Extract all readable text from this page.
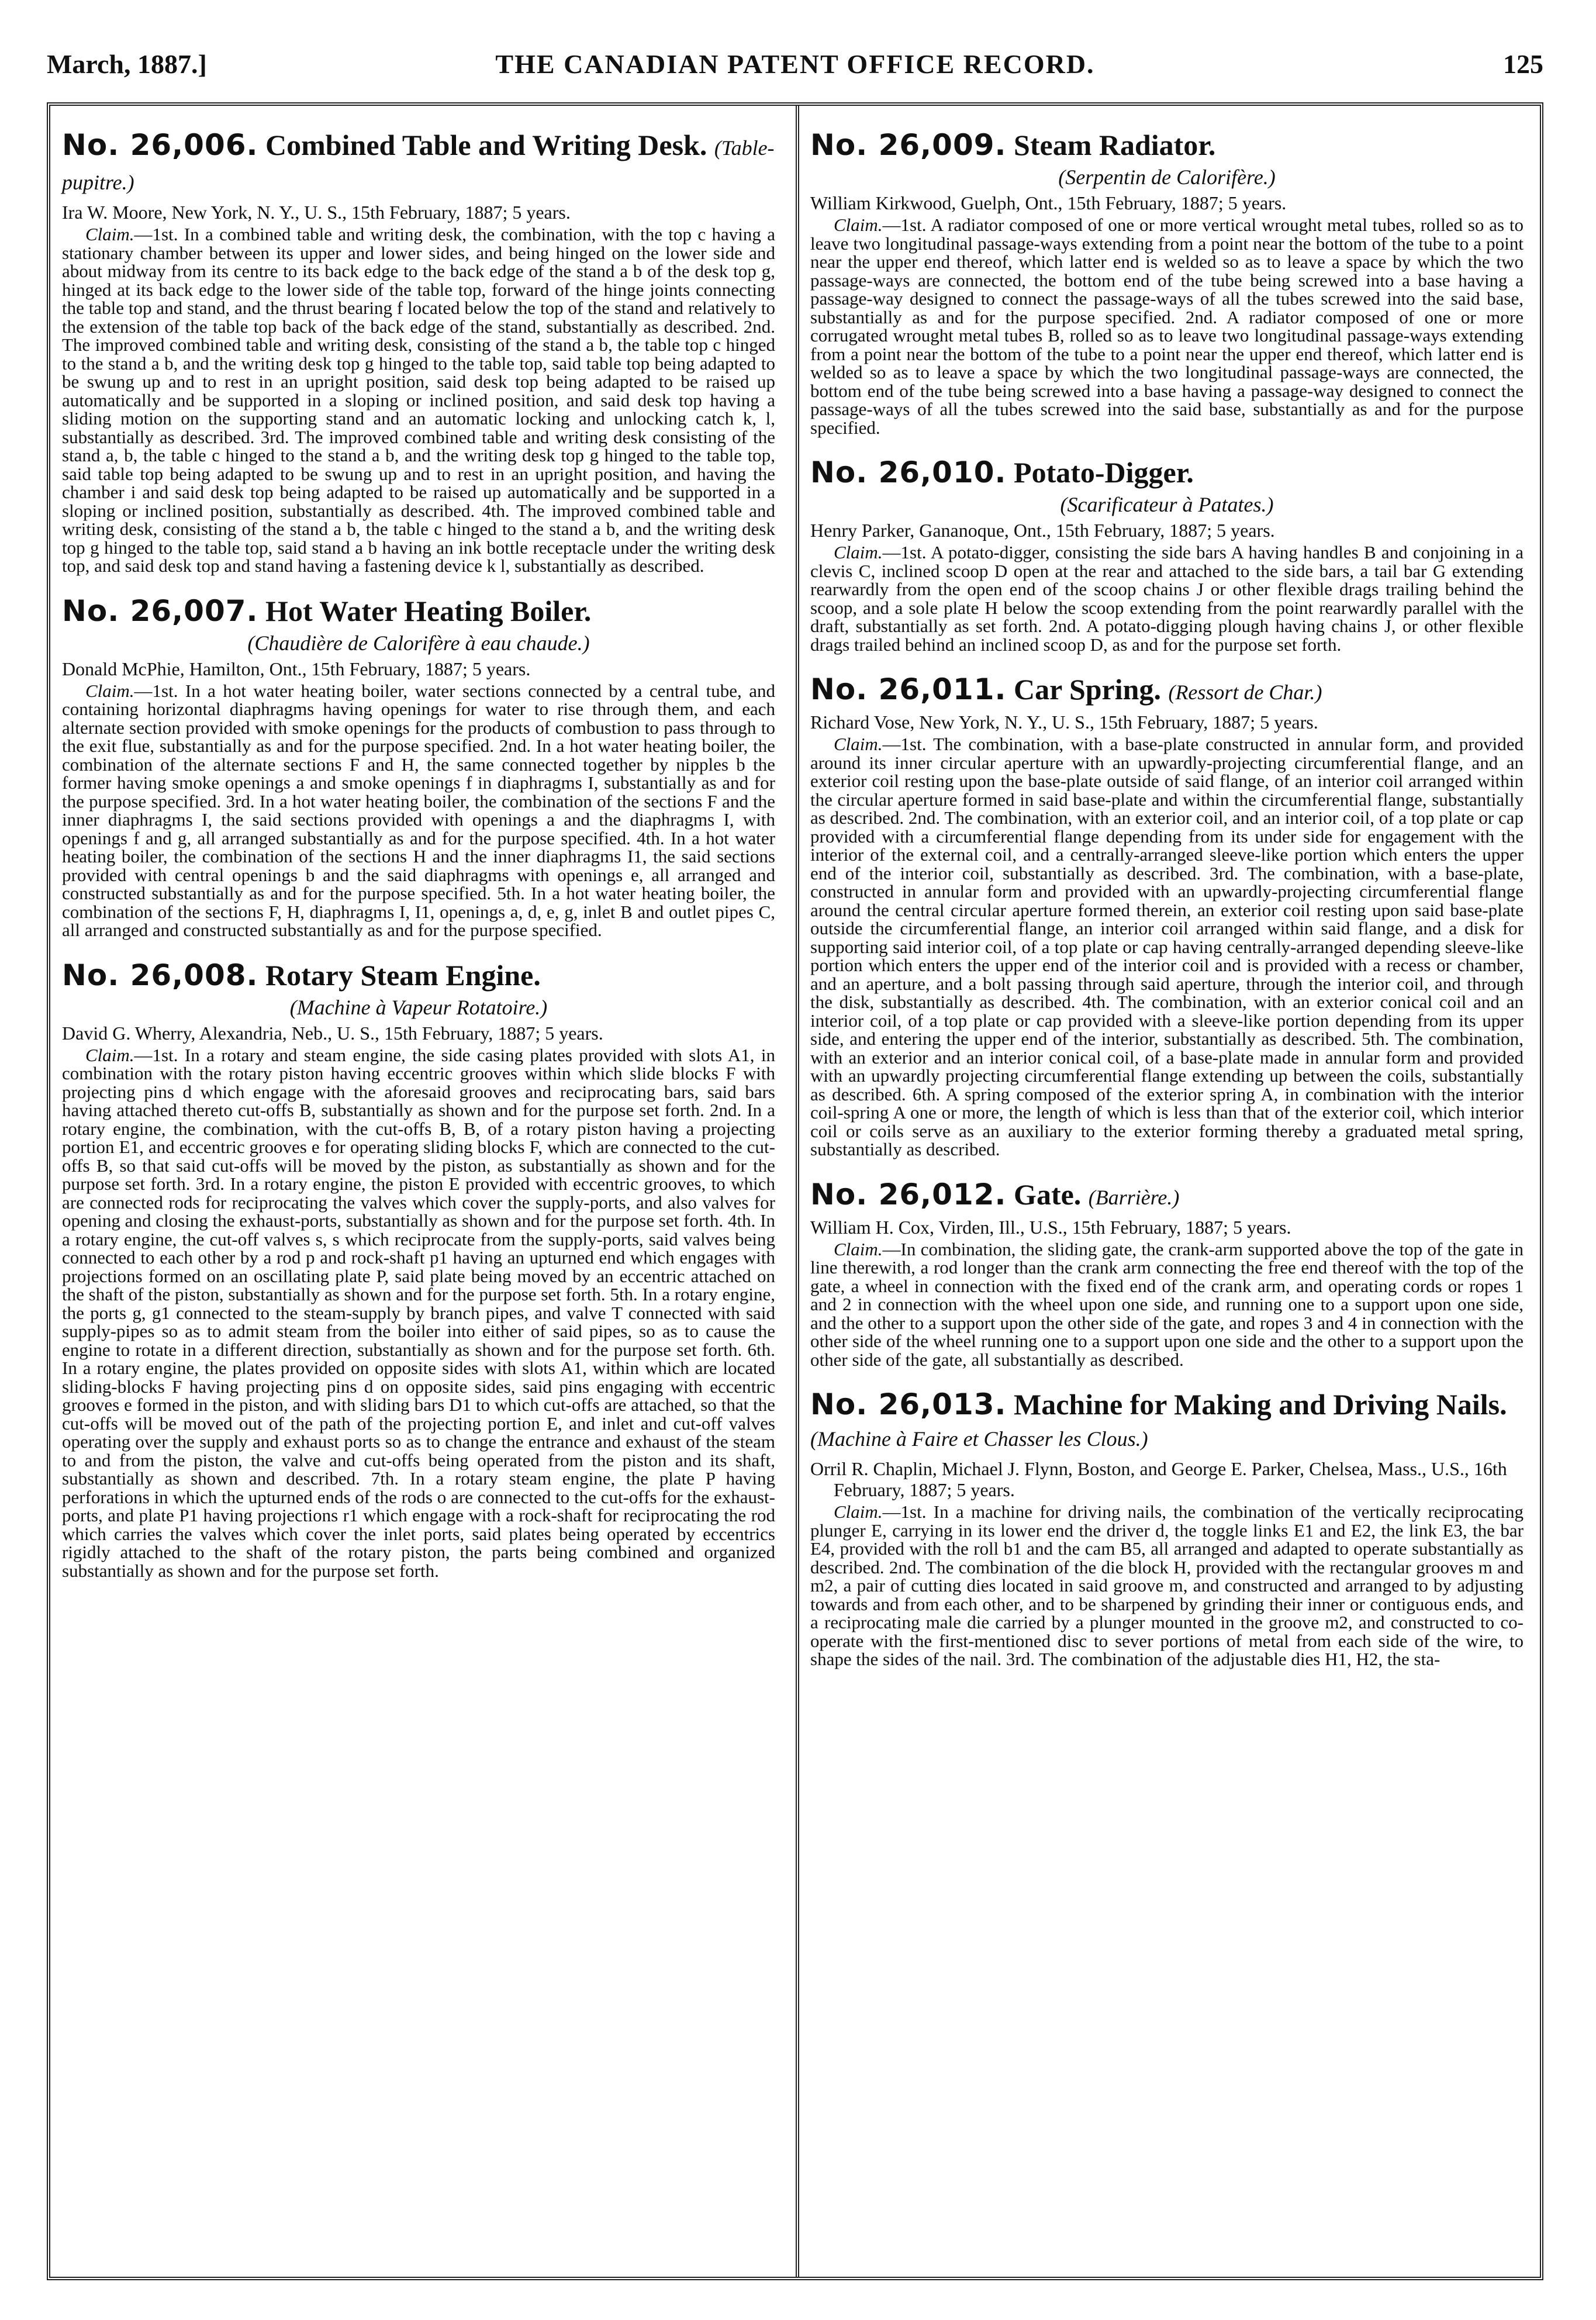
THE CANADIAN PATENT OFFICE RECORD.
March, 1887.]	125
No. 26,006. Combined Table and Writing Desk. (Table-pupitre.)

Ira W. Moore, New York, N. Y., U. S., 15th February, 1887; 5 years.

Claim.—1st. In a combined table and writing desk, the combination, with the top c having a stationary chamber between its upper and lower sides, and being hinged on the lower side and about midway from its centre to its back edge to the back edge of the stand a b of the desk top g, hinged at its back edge to the lower side of the table top, forward of the hinge joints connecting the table top and stand, and the thrust bearing f located below the top of the stand and relatively to the extension of the table top back of the back edge of the stand, substantially as described. 2nd. The improved combined table and writing desk, consisting of the stand a b, the table top c hinged to the stand a b, and the writing desk top g hinged to the table top, said table top being adapted to be swung up and to rest in an upright position, said desk top being adapted to be raised up automatically and be supported in a sloping or inclined position, and said desk top having a sliding motion on the supporting stand and an automatic locking and unlocking catch k, l, substantially as described. 3rd. The improved combined table and writing desk consisting of the stand a, b, the table c hinged to the stand a b, and the writing desk top g hinged to the table top, said table top being adapted to be swung up and to rest in an upright position, and having the chamber i and said desk top being adapted to be raised up automatically and be supported in a sloping or inclined position, substantially as described. 4th. The improved combined table and writing desk, consisting of the stand a b, the table c hinged to the stand a b, and the writing desk top g hinged to the table top, said stand a b having an ink bottle receptacle under the writing desk top, and said desk top and stand having a fastening device k l, substantially as described.

No. 26,007. Hot Water Heating Boiler.

(Chaudière de Calorifère à eau chaude.)

Donald McPhie, Hamilton, Ont., 15th February, 1887; 5 years.

Claim.—1st. In a hot water heating boiler, water sections connected by a central tube, and containing horizontal diaphragms having openings for water to rise through them, and each alternate section provided with smoke openings for the products of combustion to pass through to the exit flue, substantially as and for the purpose specified. 2nd. In a hot water heating boiler, the combination of the alternate sections F and H, the same connected together by nipples b the former having smoke openings a and smoke openings f in diaphragms I, substantially as and for the purpose specified. 3rd. In a hot water heating boiler, the combination of the sections F and the inner diaphragms I, the said sections provided with openings a and the diaphragms I, with openings f and g, all arranged substantially as and for the purpose specified. 4th. In a hot water heating boiler, the combination of the sections H and the inner diaphragms I1, the said sections provided with central openings b and the said diaphragms with openings e, all arranged and constructed substantially as and for the purpose specified. 5th. In a hot water heating boiler, the combination of the sections F, H, diaphragms I, I1, openings a, d, e, g, inlet B and outlet pipes C, all arranged and constructed substantially as and for the purpose specified.

No. 26,008. Rotary Steam Engine.

(Machine à Vapeur Rotatoire.)

David G. Wherry, Alexandria, Neb., U. S., 15th February, 1887; 5 years.

Claim.—1st. In a rotary and steam engine, the side casing plates provided with slots A1, in combination with the rotary piston having eccentric grooves within which slide blocks F with projecting pins d which engage with the aforesaid grooves and reciprocating bars, said bars having attached thereto cut-offs B, substantially as shown and for the purpose set forth. 2nd. In a rotary engine, the combination, with the cut-offs B, B, of a rotary piston having a projecting portion E1, and eccentric grooves e for operating sliding blocks F, which are connected to the cut-offs B, so that said cut-offs will be moved by the piston, as substantially as shown and for the purpose set forth. 3rd. In a rotary engine, the piston E provided with eccentric grooves, to which are connected rods for reciprocating the valves which cover the supply-ports, and also valves for opening and closing the exhaust-ports, substantially as shown and for the purpose set forth. 4th. In a rotary engine, the cut-off valves s, s which reciprocate from the supply-ports, said valves being connected to each other by a rod p and rock-shaft p1 having an upturned end which engages with projections formed on an oscillating plate P, said plate being moved by an eccentric attached on the shaft of the piston, substantially as shown and for the purpose set forth. 5th. In a rotary engine, the ports g, g1 connected to the steam-supply by branch pipes, and valve T connected with said supply-pipes so as to admit steam from the boiler into either of said pipes, so as to cause the engine to rotate in a different direction, substantially as shown and for the purpose set forth. 6th. In a rotary engine, the plates provided on opposite sides with slots A1, within which are located sliding-blocks F having projecting pins d on opposite sides, said pins engaging with eccentric grooves e formed in the piston, and with sliding bars D1 to which cut-offs are attached, so that the cut-offs will be moved out of the path of the projecting portion E, and inlet and cut-off valves operating over the supply and exhaust ports so as to change the entrance and exhaust of the steam to and from the piston, the valve and cut-offs being operated from the piston and its shaft, substantially as shown and described. 7th. In a rotary steam engine, the plate P having perforations in which the upturned ends of the rods o are connected to the cut-offs for the exhaust-ports, and plate P1 having projections r1 which engage with a rock-shaft for reciprocating the rod which carries the valves which cover the inlet ports, said plates being operated by eccentrics rigidly attached to the shaft of the rotary piston, the parts being combined and organized substantially as shown and for the purpose set forth.

No. 26,009. Steam Radiator.

(Serpentin de Calorifère.)

William Kirkwood, Guelph, Ont., 15th February, 1887; 5 years.

Claim.—1st. A radiator composed of one or more vertical wrought metal tubes, rolled so as to leave two longitudinal passage-ways extending from a point near the bottom of the tube to a point near the upper end thereof, which latter end is welded so as to leave a space by which the two passage-ways are connected, the bottom end of the tube being screwed into a base having a passage-way designed to connect the passage-ways of all the tubes screwed into the said base, substantially as and for the purpose specified. 2nd. A radiator composed of one or more corrugated wrought metal tubes B, rolled so as to leave two longitudinal passage-ways extending from a point near the bottom of the tube to a point near the upper end thereof, which latter end is welded so as to leave a space by which the two longitudinal passage-ways are connected, the bottom end of the tube being screwed into a base having a passage-way designed to connect the passage-ways of all the tubes screwed into the said base, substantially as and for the purpose specified.

No. 26,010. Potato-Digger.

(Scarificateur à Patates.)

Henry Parker, Gananoque, Ont., 15th February, 1887; 5 years.

Claim.—1st. A potato-digger, consisting the side bars A having handles B and conjoining in a clevis C, inclined scoop D open at the rear and attached to the side bars, a tail bar G extending rearwardly from the open end of the scoop chains J or other flexible drags trailing behind the scoop, and a sole plate H below the scoop extending from the point rearwardly parallel with the draft, substantially as set forth. 2nd. A potato-digging plough having chains J, or other flexible drags trailed behind an inclined scoop D, as and for the purpose set forth.

No. 26,011. Car Spring. (Ressort de Char.)

Richard Vose, New York, N. Y., U. S., 15th February, 1887; 5 years.

Claim.—1st. The combination, with a base-plate constructed in annular form, and provided around its inner circular aperture with an upwardly-projecting circumferential flange, and an exterior coil resting upon the base-plate outside of said flange, of an interior coil arranged within the circular aperture formed in said base-plate and within the circumferential flange, substantially as described. 2nd. The combination, with an exterior coil, and an interior coil, of a top plate or cap provided with a circumferential flange depending from its under side for engagement with the interior of the external coil, and a centrally-arranged sleeve-like portion which enters the upper end of the interior coil, substantially as described. 3rd. The combination, with a base-plate, constructed in annular form and provided with an upwardly-projecting circumferential flange around the central circular aperture formed therein, an exterior coil resting upon said base-plate outside the circumferential flange, an interior coil arranged within said flange, and a disk for supporting said interior coil, of a top plate or cap having centrally-arranged depending sleeve-like portion which enters the upper end of the interior coil and is provided with a recess or chamber, and an aperture, and a bolt passing through said aperture, through the interior coil, and through the disk, substantially as described. 4th. The combination, with an exterior conical coil and an interior coil, of a top plate or cap provided with a sleeve-like portion depending from its upper side, and entering the upper end of the interior, substantially as described. 5th. The combination, with an exterior and an interior conical coil, of a base-plate made in annular form and provided with an upwardly projecting circumferential flange extending up between the coils, substantially as described. 6th. A spring composed of the exterior spring A, in combination with the interior coil-spring A one or more, the length of which is less than that of the exterior coil, which interior coil or coils serve as an auxiliary to the exterior forming thereby a graduated metal spring, substantially as described.

No. 26,012. Gate. (Barrière.)

William H. Cox, Virden, Ill., U.S., 15th February, 1887; 5 years.

Claim.—In combination, the sliding gate, the crank-arm supported above the top of the gate in line therewith, a rod longer than the crank arm connecting the free end thereof with the top of the gate, a wheel in connection with the fixed end of the crank arm, and operating cords or ropes 1 and 2 in connection with the wheel upon one side, and running one to a support upon one side, and the other to a support upon the other side of the gate, and ropes 3 and 4 in connection with the other side of the wheel running one to a support upon one side and the other to a support upon the other side of the gate, all substantially as described.

No. 26,013. Machine for Making and Driving Nails. (Machine à Faire et Chasser les Clous.)

Orril R. Chaplin, Michael J. Flynn, Boston, and George E. Parker, Chelsea, Mass., U.S., 16th February, 1887; 5 years.

Claim.—1st. In a machine for driving nails, the combination of the vertically reciprocating plunger E, carrying in its lower end the driver d, the toggle links E1 and E2, the link E3, the bar E4, provided with the roll b1 and the cam B5, all arranged and adapted to operate substantially as described. 2nd. The combination of the die block H, provided with the rectangular grooves m and m2, a pair of cutting dies located in said groove m, and constructed and arranged to by adjusting towards and from each other, and to be sharpened by grinding their inner or contiguous ends, and a reciprocating male die carried by a plunger mounted in the groove m2, and constructed to co-operate with the first-mentioned disc to sever portions of metal from each side of the wire, to shape the sides of the nail. 3rd. The combination of the adjustable dies H1, H2, the sta-
